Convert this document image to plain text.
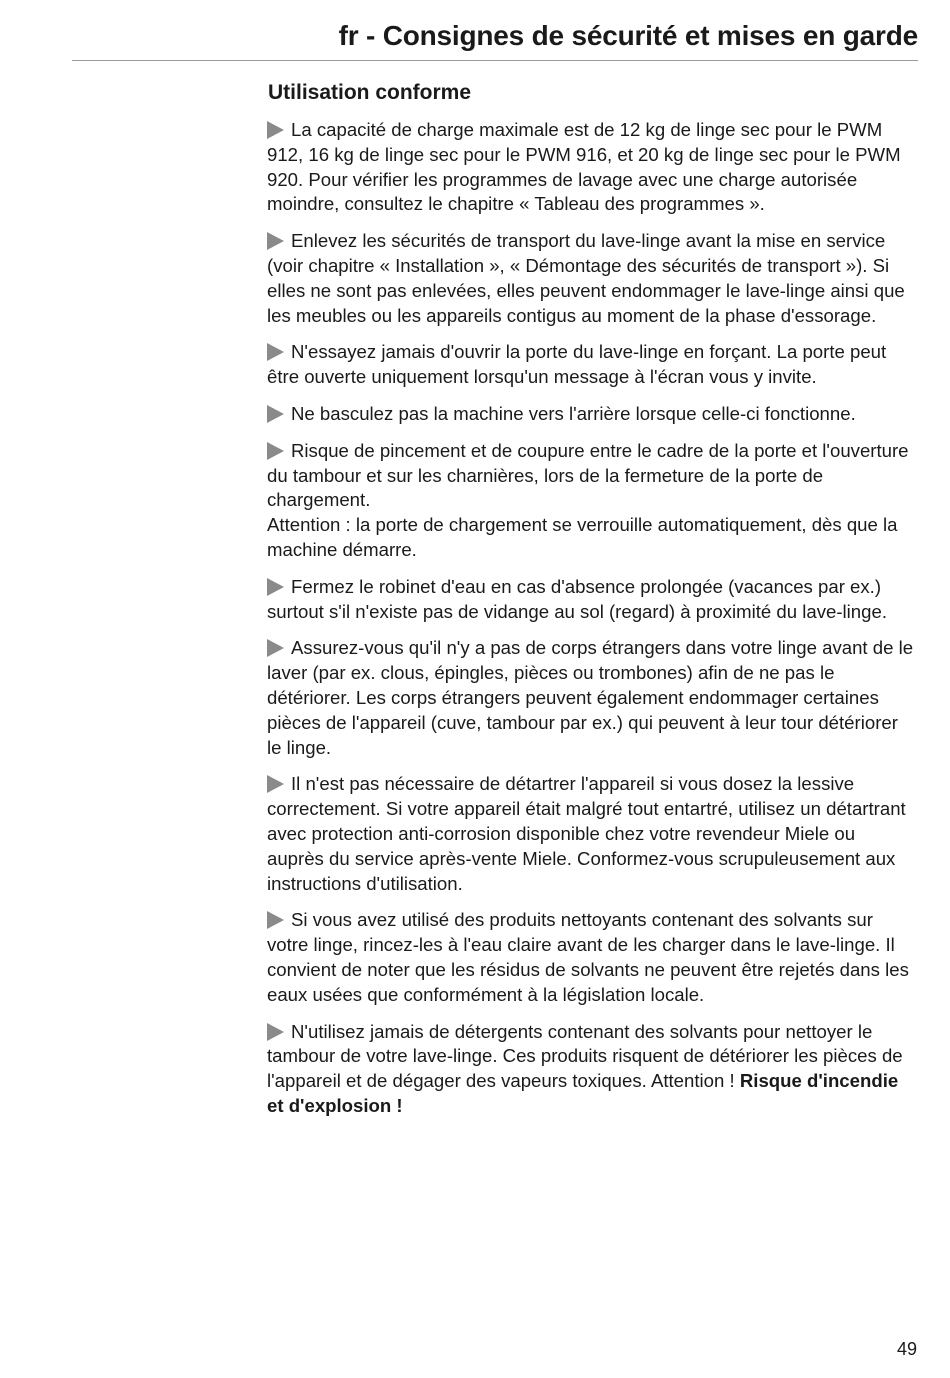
fr - Consignes de sécurité et mises en garde
Utilisation conforme

La capacité de charge maximale est de 12 kg de linge sec pour le PWM 912, 16 kg de linge sec pour le PWM 916, et 20 kg de linge sec pour le PWM 920. Pour vérifier les programmes de lavage avec une charge autorisée moindre, consultez le chapitre « Tableau des programmes ».

Enlevez les sécurités de transport du lave-linge avant la mise en service (voir chapitre « Installation », « Démontage des sécurités de transport »). Si elles ne sont pas enlevées, elles peuvent endommager le lave-linge ainsi que les meubles ou les appareils contigus au moment de la phase d'essorage.

N'essayez jamais d'ouvrir la porte du lave-linge en forçant. La porte peut être ouverte uniquement lorsqu'un message à l'écran vous y invite.

Ne basculez pas la machine vers l'arrière lorsque celle-ci fonctionne.

Risque de pincement et de coupure entre le cadre de la porte et l'ouverture du tambour et sur les charnières, lors de la fermeture de la porte de chargement.
Attention : la porte de chargement se verrouille automatiquement, dès que la machine démarre.

Fermez le robinet d'eau en cas d'absence prolongée (vacances par ex.) surtout s'il n'existe pas de vidange au sol (regard) à proximité du lave-linge.

Assurez-vous qu'il n'y a pas de corps étrangers dans votre linge avant de le laver (par ex. clous, épingles, pièces ou trombones) afin de ne pas le détériorer. Les corps étrangers peuvent également endommager certaines pièces de l'appareil (cuve, tambour par ex.) qui peuvent à leur tour détériorer le linge.

Il n'est pas nécessaire de détartrer l'appareil si vous dosez la lessive correctement. Si votre appareil était malgré tout entartré, utilisez un détartrant avec protection anti-corrosion disponible chez votre revendeur Miele ou auprès du service après-vente Miele. Conformez-vous scrupuleusement aux instructions d'utilisation.

Si vous avez utilisé des produits nettoyants contenant des solvants sur votre linge, rincez-les à l'eau claire avant de les charger dans le lave-linge. Il convient de noter que les résidus de solvants ne peuvent être rejetés dans les eaux usées que conformément à la législation locale.

N'utilisez jamais de détergents contenant des solvants pour nettoyer le tambour de votre lave-linge. Ces produits risquent de détériorer les pièces de l'appareil et de dégager des vapeurs toxiques. Attention ! Risque d'incendie et d'explosion !

49
